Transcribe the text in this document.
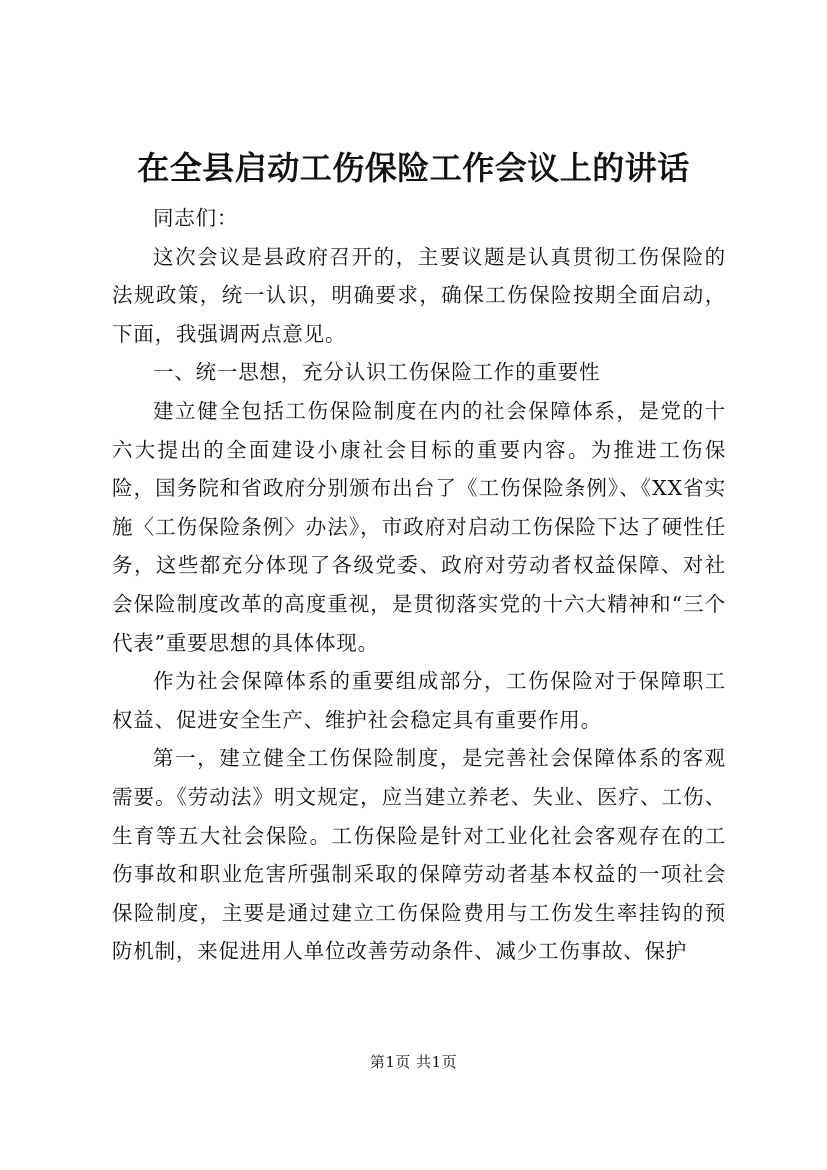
在全县启动工伤保险工作会议上的讲话

同志们：

这次会议是县政府召开的，主要议题是认真贯彻工伤保险的法规政策，统一认识，明确要求，确保工伤保险按期全面启动，下面，我强调两点意见。

一、统一思想，充分认识工伤保险工作的重要性

建立健全包括工伤保险制度在内的社会保障体系，是党的十六大提出的全面建设小康社会目标的重要内容。为推进工伤保险，国务院和省政府分别颁布出台了《工伤保险条例》、《XX省实施〈工伤保险条例〉办法》，市政府对启动工伤保险下达了硬性任务，这些都充分体现了各级党委、政府对劳动者权益保障、对社会保险制度改革的高度重视，是贯彻落实党的十六大精神和“三个代表”重要思想的具体体现。

作为社会保障体系的重要组成部分，工伤保险对于保障职工权益、促进安全生产、维护社会稳定具有重要作用。

第一，建立健全工伤保险制度，是完善社会保障体系的客观需要。《劳动法》明文规定，应当建立养老、失业、医疗、工伤、生育等五大社会保险。工伤保险是针对工业化社会客观存在的工伤事故和职业危害所强制采取的保障劳动者基本权益的一项社会保险制度，主要是通过建立工伤保险费用与工伤发生率挂钩的预防机制，来促进用人单位改善劳动条件、减少工伤事故、保护

第1页 共1页
